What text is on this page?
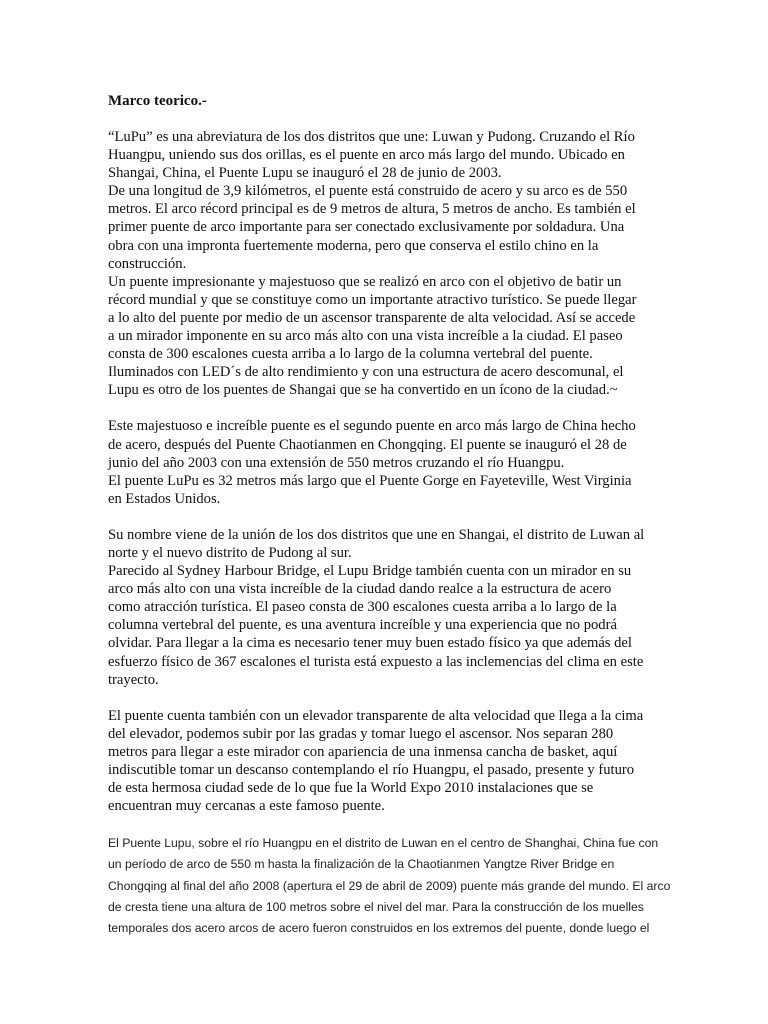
Marco teorico.-
“LuPu” es una abreviatura de los dos distritos que une: Luwan y Pudong. Cruzando el Río
Huangpu, uniendo sus dos orillas, es el puente en arco más largo del mundo. Ubicado en
Shangai, China, el Puente Lupu se inauguró el 28 de junio de 2003.
De una longitud de 3,9 kilómetros, el puente está construido de acero y su arco es de 550
metros. El arco récord principal es de 9 metros de altura, 5 metros de ancho. Es también el
primer puente de arco importante para ser conectado exclusivamente por soldadura. Una
obra con una impronta fuertemente moderna, pero que conserva el estilo chino en la
construcción.
Un puente impresionante y majestuoso que se realizó en arco con el objetivo de batir un
récord mundial y que se constituye como un importante atractivo turístico. Se puede llegar
a lo alto del puente por medio de un ascensor transparente de alta velocidad. Así se accede
a un mirador imponente en su arco más alto con una vista increíble a la ciudad. El paseo
consta de 300 escalones cuesta arriba a lo largo de la columna vertebral del puente.
Iluminados con LED´s de alto rendimiento y con una estructura de acero descomunal, el
Lupu es otro de los puentes de Shangai que se ha convertido en un ícono de la ciudad.~
Este majestuoso e increíble puente es el segundo puente en arco más largo de China hecho
de acero, después del Puente Chaotianmen en Chongqing. El puente se inauguró el 28 de
junio del año 2003 con una extensión de 550 metros cruzando el río Huangpu.
El puente LuPu es 32 metros más largo que el Puente Gorge en Fayeteville, West Virginia
en Estados Unidos.
Su nombre viene de la unión de los dos distritos que une en Shangai, el distrito de Luwan al
norte y el nuevo distrito de Pudong al sur.
Parecido al Sydney Harbour Bridge, el Lupu Bridge también cuenta con un mirador en su
arco más alto con una vista increíble de la ciudad dando realce a la estructura de acero
como atracción turística. El paseo consta de 300 escalones cuesta arriba a lo largo de la
columna vertebral del puente, es una aventura increíble y una experiencia que no podrá
olvidar. Para llegar a la cima es necesario tener muy buen estado físico ya que además del
esfuerzo físico de 367 escalones el turista está expuesto a las inclemencias del clima en este
trayecto.
El puente cuenta también con un elevador transparente de alta velocidad que llega a la cima
del elevador, podemos subir por las gradas y tomar luego el ascensor. Nos separan 280
metros para llegar a este mirador con apariencia de una inmensa cancha de basket, aquí
indiscutible tomar un descanso contemplando el río Huangpu, el pasado, presente y futuro
de esta hermosa ciudad sede de lo que fue la World Expo 2010 instalaciones que se
encuentran muy cercanas a este famoso puente.
El Puente Lupu, sobre el río Huangpu en el distrito de Luwan en el centro de Shanghai, China fue con
un período de arco de 550 m hasta la finalización de la Chaotianmen Yangtze River Bridge en
Chongqing al final del año 2008 (apertura el 29 de abril de 2009) puente más grande del mundo. El arco
de cresta tiene una altura de 100 metros sobre el nivel del mar. Para la construcción de los muelles
temporales dos acero arcos de acero fueron construidos en los extremos del puente, donde luego el
